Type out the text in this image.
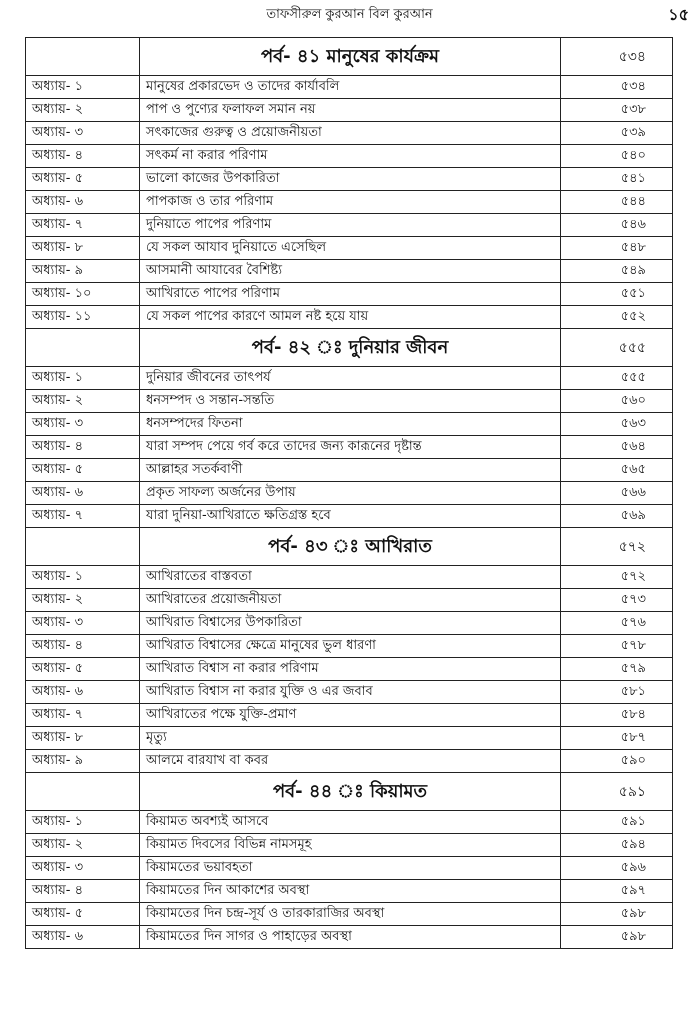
তাফসীরুল কুরআন বিল কুরআন	১৫
	পর্ব- ৪১ মানুষের কার্যক্রম	৫৩৪
অধ্যায়- ১	মানুষের প্রকারভেদ ও তাদের কার্যাবলি	৫৩৪
অধ্যায়- ২	পাপ ও পুণ্যের ফলাফল সমান নয়	৫৩৮
অধ্যায়- ৩	সৎকাজের গুরুত্ব ও প্রয়োজনীয়তা	৫৩৯
অধ্যায়- ৪	সৎকর্ম না করার পরিণাম	৫৪০
অধ্যায়- ৫	ভালো কাজের উপকারিতা	৫৪১
অধ্যায়- ৬	পাপকাজ ও তার পরিণাম	৫৪৪
অধ্যায়- ৭	দুনিয়াতে পাপের পরিণাম	৫৪৬
অধ্যায়- ৮	যে সকল আযাব দুনিয়াতে এসেছিল	৫৪৮
অধ্যায়- ৯	আসমানী আযাবের বৈশিষ্ট্য	৫৪৯
অধ্যায়- ১০	আখিরাতে পাপের পরিণাম	৫৫১
অধ্যায়- ১১	যে সকল পাপের কারণে আমল নষ্ট হয়ে যায়	৫৫২
	পর্ব- ৪২ ঃ দুনিয়ার জীবন	৫৫৫
অধ্যায়- ১	দুনিয়ার জীবনের তাৎপর্য	৫৫৫
অধ্যায়- ২	ধনসম্পদ ও সন্তান-সন্ততি	৫৬০
অধ্যায়- ৩	ধনসম্পদের ফিতনা	৫৬৩
অধ্যায়- ৪	যারা সম্পদ পেয়ে গর্ব করে তাদের জন্য কারূনের দৃষ্টান্ত	৫৬৪
অধ্যায়- ৫	আল্লাহর সতর্কবাণী	৫৬৫
অধ্যায়- ৬	প্রকৃত সাফল্য অর্জনের উপায়	৫৬৬
অধ্যায়- ৭	যারা দুনিয়া-আখিরাতে ক্ষতিগ্রস্ত হবে	৫৬৯
	পর্ব- ৪৩ ঃ আখিরাত	৫৭২
অধ্যায়- ১	আখিরাতের বাস্তবতা	৫৭২
অধ্যায়- ২	আখিরাতের প্রয়োজনীয়তা	৫৭৩
অধ্যায়- ৩	আখিরাত বিশ্বাসের উপকারিতা	৫৭৬
অধ্যায়- ৪	আখিরাত বিশ্বাসের ক্ষেত্রে মানুষের ভুল ধারণা	৫৭৮
অধ্যায়- ৫	আখিরাত বিশ্বাস না করার পরিণাম	৫৭৯
অধ্যায়- ৬	আখিরাত বিশ্বাস না করার যুক্তি ও এর জবাব	৫৮১
অধ্যায়- ৭	আখিরাতের পক্ষে যুক্তি-প্রমাণ	৫৮৪
অধ্যায়- ৮	মৃত্যু	৫৮৭
অধ্যায়- ৯	আলমে বারযাখ বা কবর	৫৯০
	পর্ব- ৪৪ ঃ কিয়ামত	৫৯১
অধ্যায়- ১	কিয়ামত অবশ্যই আসবে	৫৯১
অধ্যায়- ২	কিয়ামত দিবসের বিভিন্ন নামসমূহ	৫৯৪
অধ্যায়- ৩	কিয়ামতের ভয়াবহতা	৫৯৬
অধ্যায়- ৪	কিয়ামতের দিন আকাশের অবস্থা	৫৯৭
অধ্যায়- ৫	কিয়ামতের দিন চন্দ্র-সূর্য ও তারকারাজির অবস্থা	৫৯৮
অধ্যায়- ৬	কিয়ামতের দিন সাগর ও পাহাড়ের অবস্থা	৫৯৮
